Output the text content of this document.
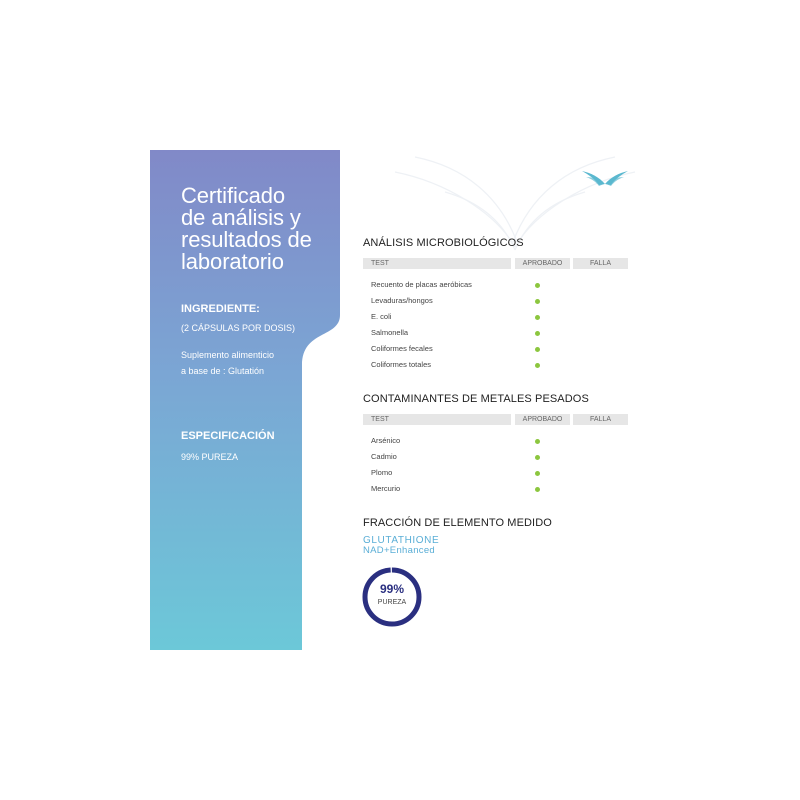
Certificado
de análisis y
resultados de
laboratorio
INGREDIENTE:
(2 CÁPSULAS POR DOSIS)
Suplemento alimenticio
a base de : Glutatión
ESPECIFICACIÓN
99% PUREZA
ANÁLISIS MICROBIOLÓGICOS
TEST	APROBADO	FALLA
Recuento de placas aeróbicas
Levaduras/hongos
E. coli
Salmonella
Coliformes fecales
Coliformes totales
CONTAMINANTES DE METALES PESADOS
TEST	APROBADO	FALLA
Arsénico
Cadmio
Plomo
Mercurio
FRACCIÓN DE ELEMENTO MEDIDO
GLUTATHIONE
NAD+Enhanced
99%
PUREZA
